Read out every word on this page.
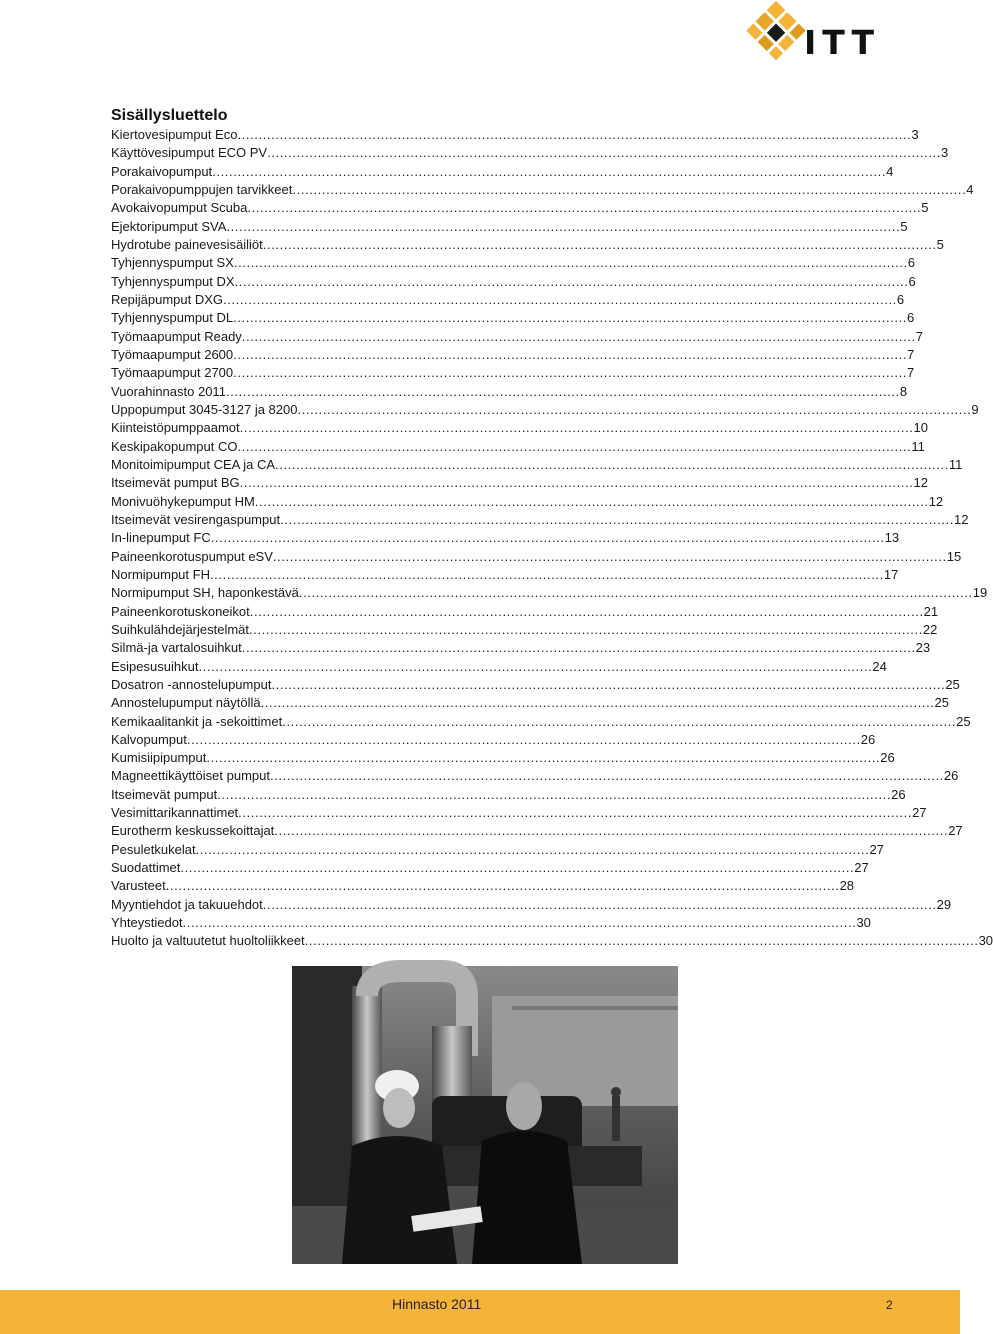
ITT
Sisällysluettelo
Kiertovesipumput Eco ................................................................................................................................................................ 3
Käyttövesipumput ECO PV ................................................................................................................................................................ 3
Porakaivopumput ................................................................................................................................................................ 4
Porakaivopumppujen tarvikkeet ................................................................................................................................................................ 4
Avokaivopumput Scuba ................................................................................................................................................................ 5
Ejektoripumput SVA ................................................................................................................................................................ 5
Hydrotube painevesisäiliöt ................................................................................................................................................................ 5
Tyhjennyspumput SX ................................................................................................................................................................ 6
Tyhjennyspumput DX ................................................................................................................................................................ 6
Repijäpumput DXG ................................................................................................................................................................ 6
Tyhjennyspumput DL ................................................................................................................................................................ 6
Työmaapumput Ready ................................................................................................................................................................ 7
Työmaapumput 2600 ................................................................................................................................................................ 7
Työmaapumput 2700 ................................................................................................................................................................ 7
Vuorahinnasto 2011 ................................................................................................................................................................ 8
Uppopumput 3045-3127 ja 8200 ................................................................................................................................................................ 9
Kiinteistöpumppaamot ................................................................................................................................................................ 10
Keskipakopumput CO ................................................................................................................................................................ 11
Monitoimipumput CEA ja CA ................................................................................................................................................................ 11
Itseimevät pumput BG ................................................................................................................................................................ 12
Monivuöhykepumput HM ................................................................................................................................................................ 12
Itseimevät vesirengaspumput ................................................................................................................................................................ 12
In-linepumput FC ................................................................................................................................................................ 13
Paineenkorotuspumput eSV ................................................................................................................................................................ 15
Normipumput FH ................................................................................................................................................................ 17
Normipumput SH, haponkestävä ................................................................................................................................................................ 19
Paineenkorotuskoneikot ................................................................................................................................................................ 21
Suihkulähdejärjestelmät ................................................................................................................................................................ 22
Silmä-ja vartalosuihkut ................................................................................................................................................................ 23
Esipesusuihkut ................................................................................................................................................................ 24
Dosatron -annostelupumput ................................................................................................................................................................ 25
Annostelupumput näytöllä ................................................................................................................................................................ 25
Kemikaalitankit ja -sekoittimet ................................................................................................................................................................ 25
Kalvopumput ................................................................................................................................................................ 26
Kumisiipipumput ................................................................................................................................................................ 26
Magneettikäyttöiset pumput ................................................................................................................................................................ 26
Itseimevät pumput ................................................................................................................................................................ 26
Vesimittarikannattimet ................................................................................................................................................................ 27
Eurotherm keskussekoittajat ................................................................................................................................................................ 27
Pesuletkukelat ................................................................................................................................................................ 27
Suodattimet ................................................................................................................................................................ 27
Varusteet ................................................................................................................................................................ 28
Myyntiehdot ja takuuehdot ................................................................................................................................................................ 29
Yhteystiedot ................................................................................................................................................................ 30
Huolto ja valtuutetut huoltoliikkeet ................................................................................................................................................................ 30
Hinnasto 2011	2
